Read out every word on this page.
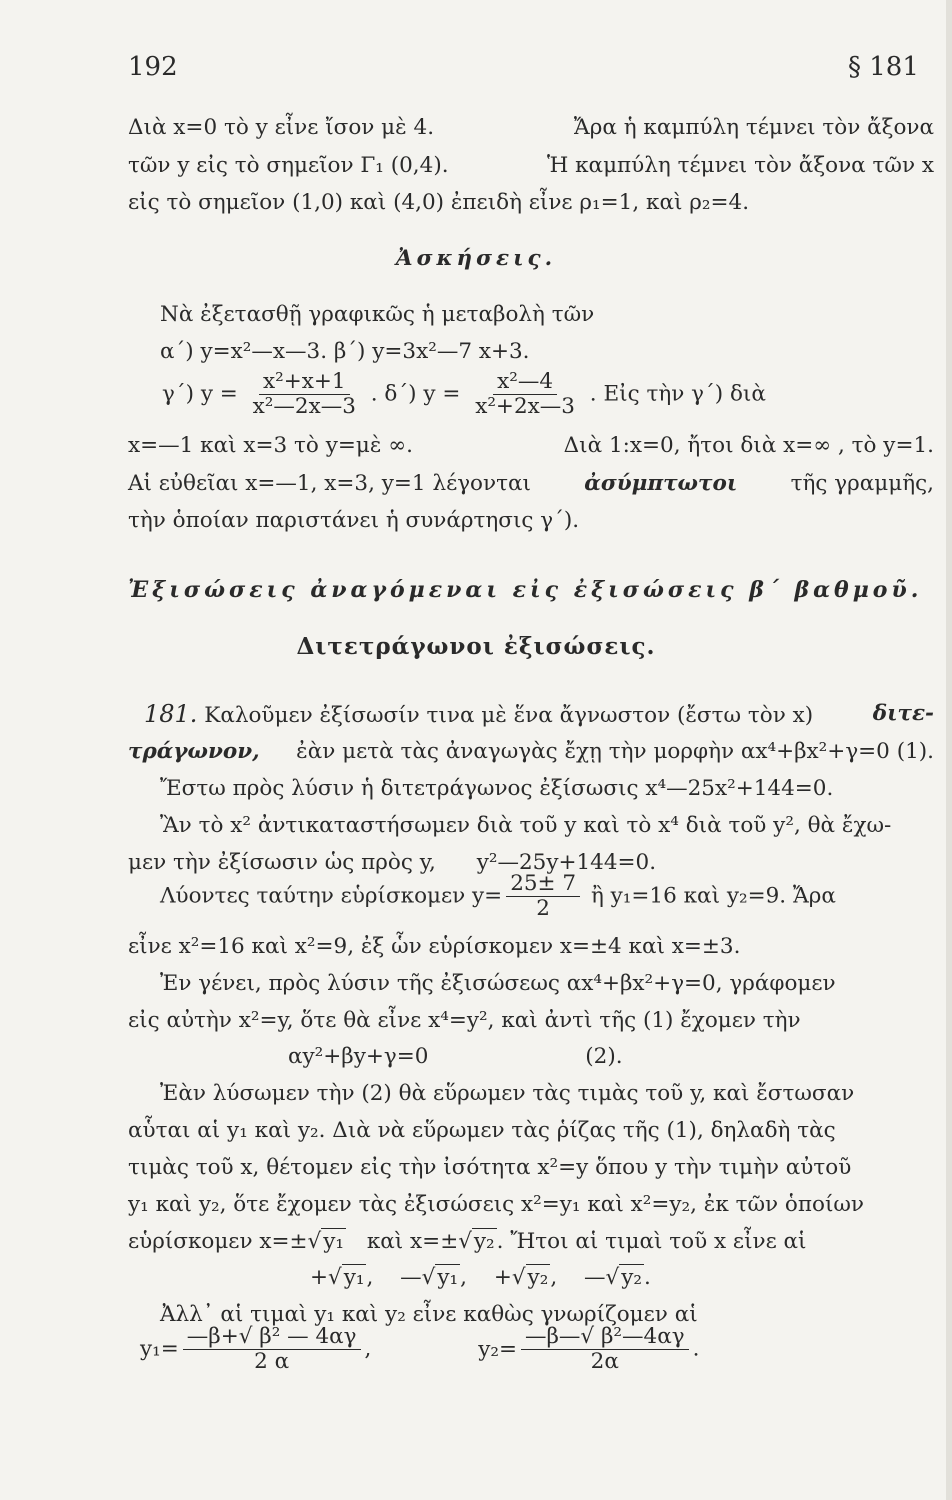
192	§ 181
Διὰ x=0 τὸ y εἶνε ἴσον μὲ 4.	Ἄρα ἡ καμπύλη τέμνει τὸν ἄξονα
τῶν y εἰς τὸ σημεῖον Γ₁ (0,4).	Ἡ καμπύλη τέμνει τὸν ἄξονα τῶν x
εἰς τὸ σημεῖον (1,0) καὶ (4,0) ἐπειδὴ εἶνε ρ₁=1, καὶ ρ₂=4.
Ἀσκήσεις.
Νὰ ἐξετασθῇ γραφικῶς ἡ μεταβολὴ τῶν
α΄) y=x²—x—3. β΄) y=3x²—7 x+3.
γ΄) $y = \frac{\text{x²+x+1}}{\text{x²—2x—3}}$ . δ΄) $y = \frac{\text{x²—4}}{\text{x²+2x—3}}$ . Εἰς τὴν γ΄) διὰ
x=—1 καὶ x=3 τὸ y=μὲ ∞.	Διὰ 1:x=0, ἤτοι διὰ x=∞ , τὸ y=1.
Αἱ εὐθεῖαι x=—1, x=3, y=1 λέγονται ἀσύμπτωτοι τῆς γραμμῆς,
τὴν ὁποίαν παριστάνει ἡ συνάρτησις γ΄).
Ἐξισώσεις ἀναγόμεναι εἰς ἐξισώσεις β΄ βαθμοῦ.
Διτετράγωνοι ἐξισώσεις.
181. Καλοῦμεν ἐξίσωσίν τινα μὲ ἕνα ἄγνωστον (ἔστω τὸν x)	διτε-
τράγωνον, ἐὰν μετὰ τὰς ἀναγωγὰς ἔχῃ τὴν μορφὴν αx⁴+βx²+γ=0 (1).
Ἔστω πρὸς λύσιν ἡ διτετράγωνος ἐξίσωσις x⁴—25x²+144=0.
Ἂν τὸ x² ἀντικαταστήσωμεν διὰ τοῦ y καὶ τὸ x⁴ διὰ τοῦ y², θὰ ἔχω-
μεν τὴν ἐξίσωσιν ὡς πρὸς y, y²—25y+144=0.
Λύοντες ταύτην εὑρίσκομεν $y= \frac{25\pm 7}{2}$ ἢ y₁=16 καὶ y₂=9. Ἄρα
εἶνε x²=16 καὶ x²=9, ἐξ ὧν εὑρίσκομεν x=±4 καὶ x=±3.
Ἐν γένει, πρὸς λύσιν τῆς ἐξισώσεως αx⁴+βx²+γ=0, γράφομεν
εἰς αὐτὴν x²=y, ὅτε θὰ εἶνε x⁴=y², καὶ ἀντὶ τῆς (1) ἔχομεν τὴν
αy²+βy+γ=0	(2).
Ἐὰν λύσωμεν τὴν (2) θὰ εὕρωμεν τὰς τιμὰς τοῦ y, καὶ ἔστωσαν
αὗται αἱ y₁ καὶ y₂. Διὰ νὰ εὕρωμεν τὰς ῥίζας τῆς (1), δηλαδὴ τὰς
τιμὰς τοῦ x, θέτομεν εἰς τὴν ἰσότητα x²=y ὅπου y τὴν τιμὴν αὐτοῦ
y₁ καὶ y₂, ὅτε ἔχομεν τὰς ἐξισώσεις x²=y₁ καὶ x²=y₂, ἐκ τῶν ὁποίων
εὑρίσκομεν x=±√y₁ καὶ x=±√y₂. Ἤτοι αἱ τιμαὶ τοῦ x εἶνε αἱ
+√y₁, —√y₁, +√y₂, —√y₂.
Ἀλλ᾽ αἱ τιμαὶ y₁ καὶ y₂ εἶνε καθὼς γνωρίζομεν αἱ
$y_1= \frac{\text{—β+√ β² — 4αγ}}{2 \alpha}$ ,	$y_2= \frac{\text{—β—√ β²—4αγ}}{2\alpha}$ .
